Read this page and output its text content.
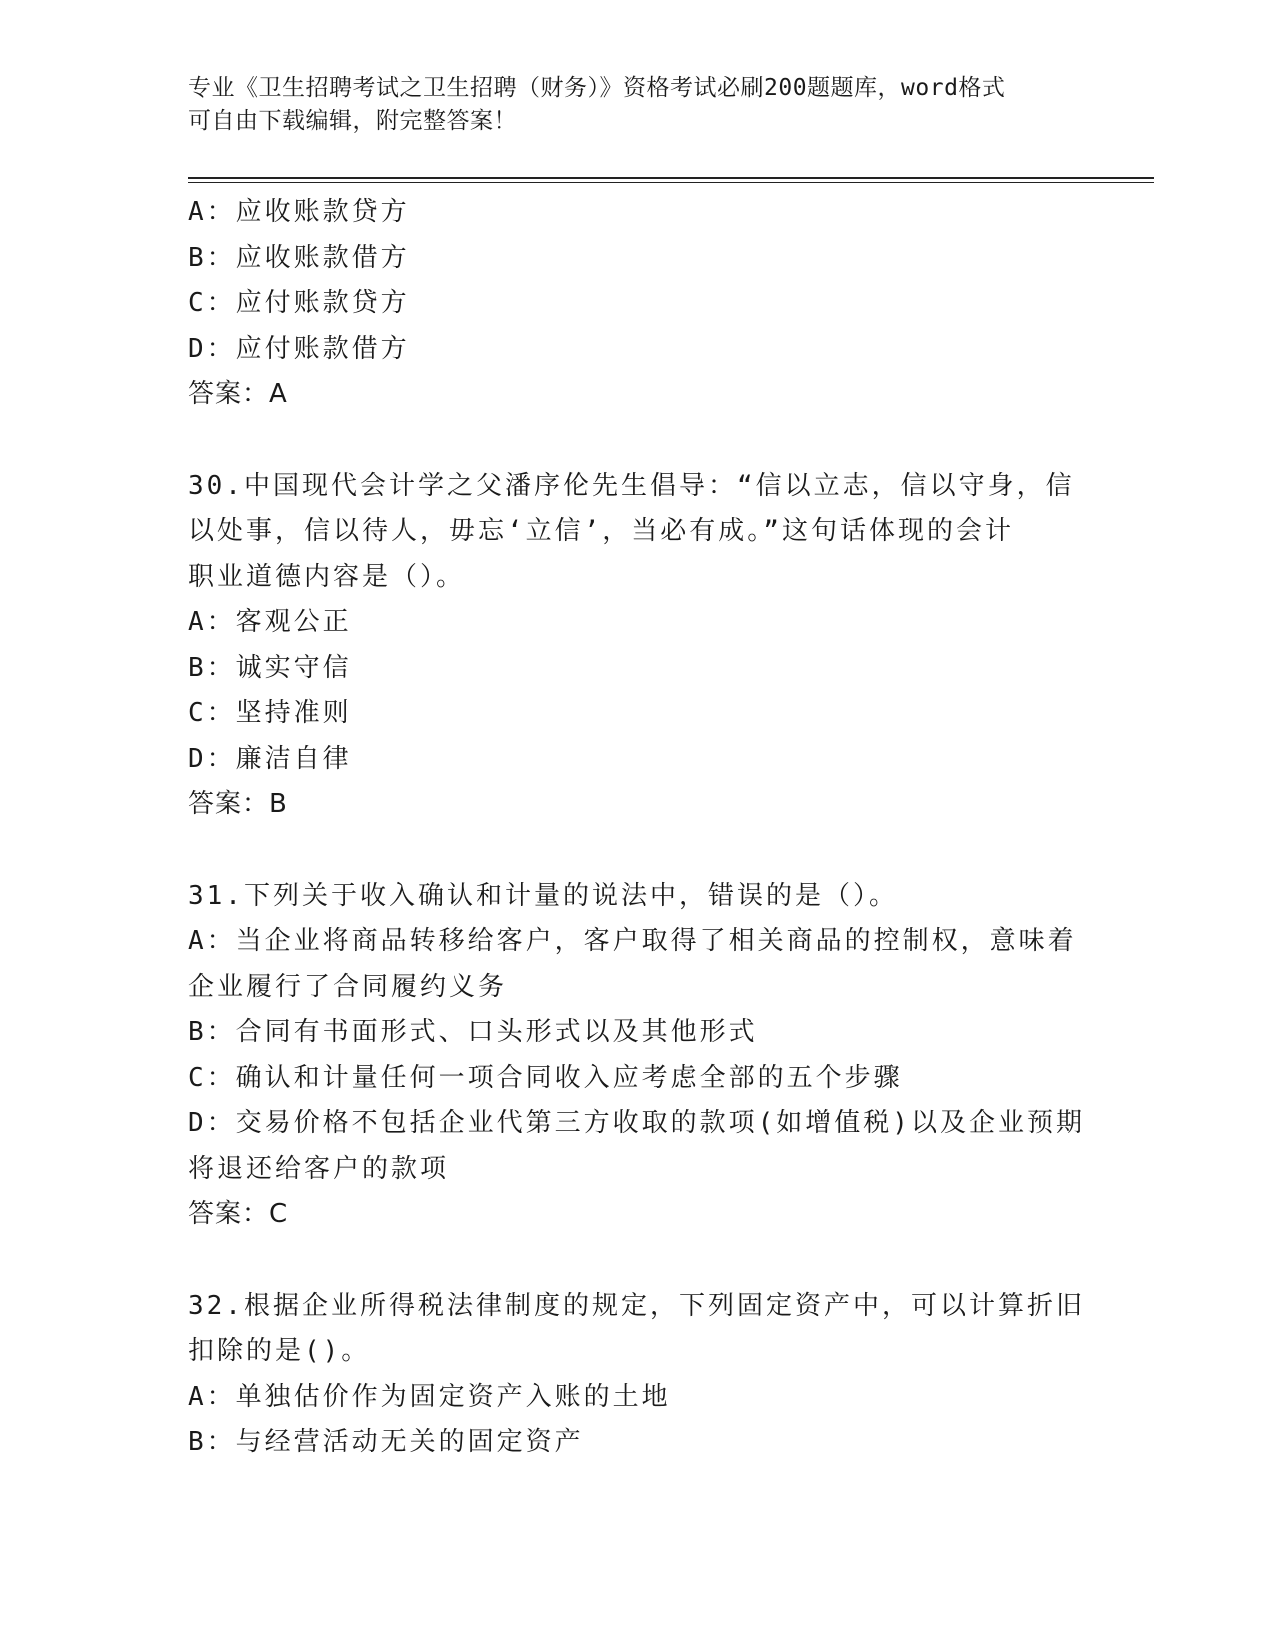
专业《卫生招聘考试之卫生招聘（财务）》资格考试必刷200题题库，word格式

可自由下载编辑，附完整答案！

A：应收账款贷方
B：应收账款借方
C：应付账款贷方
D：应付账款借方
答案：A
30.中国现代会计学之父潘序伦先生倡导：“信以立志，信以守身，信
以处事，信以待人，毋忘‘立信’，当必有成。”这句话体现的会计
职业道德内容是（）。
A：客观公正
B：诚实守信
C：坚持准则
D：廉洁自律
答案：B
31.下列关于收入确认和计量的说法中，错误的是（）。
A：当企业将商品转移给客户，客户取得了相关商品的控制权，意味着
企业履行了合同履约义务
B：合同有书面形式、口头形式以及其他形式
C：确认和计量任何一项合同收入应考虑全部的五个步骤
D：交易价格不包括企业代第三方收取的款项(如增值税)以及企业预期
将退还给客户的款项
答案：C
32.根据企业所得税法律制度的规定，下列固定资产中，可以计算折旧
扣除的是()。
A：单独估价作为固定资产入账的土地
B：与经营活动无关的固定资产
